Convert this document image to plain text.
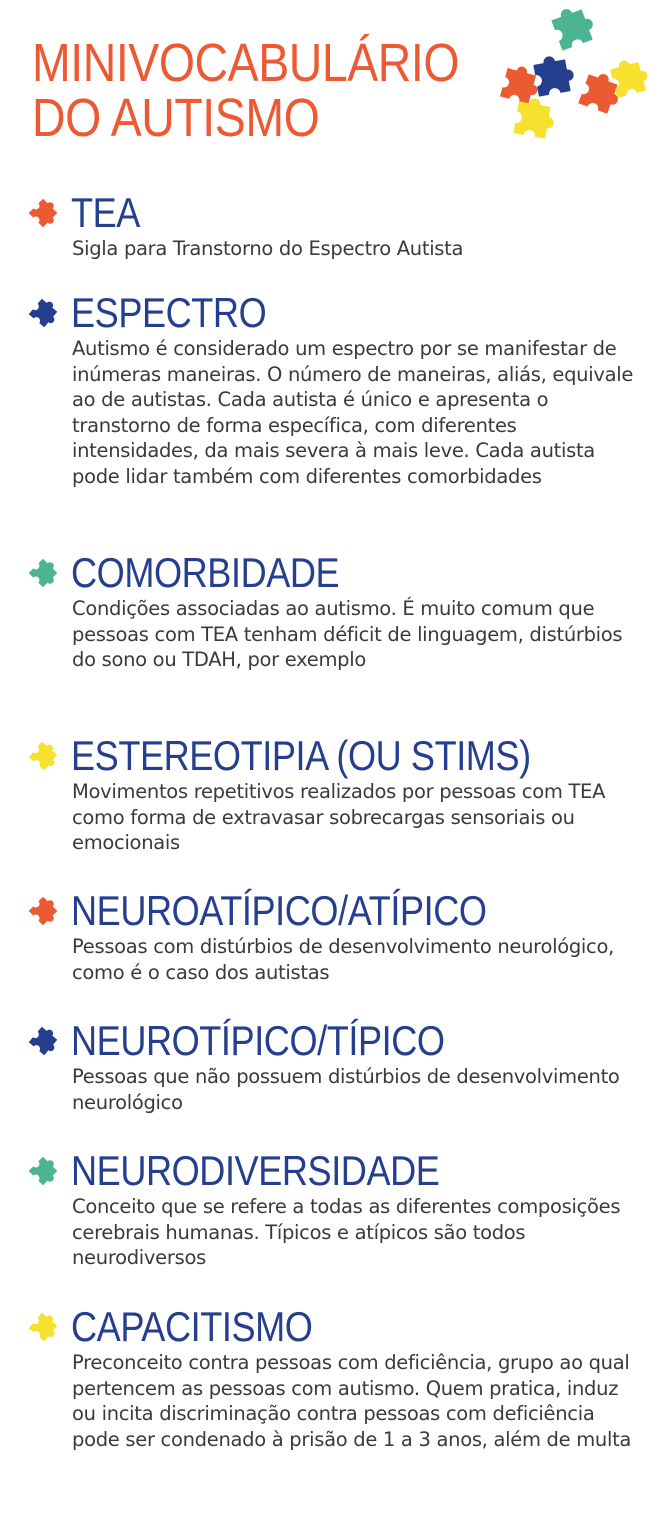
MINIVOCABULÁRIO
DO AUTISMO
TEA

Sigla para Transtorno do Espectro Autista

ESPECTRO

Autismo é considerado um espectro por se manifestar de inúmeras maneiras. O número de maneiras, aliás, equivale ao de autistas. Cada autista é único e apresenta o transtorno de forma específica, com diferentes intensidades, da mais severa à mais leve. Cada autista pode lidar também com diferentes comorbidades

COMORBIDADE

Condições associadas ao autismo. É muito comum que pessoas com TEA tenham déficit de linguagem, distúrbios do sono ou TDAH, por exemplo

ESTEREOTIPIA (OU STIMS)

Movimentos repetitivos realizados por pessoas com TEA como forma de extravasar sobrecargas sensoriais ou emocionais

NEUROATÍPICO/ATÍPICO

Pessoas com distúrbios de desenvolvimento neurológico, como é o caso dos autistas

NEUROTÍPICO/TÍPICO

Pessoas que não possuem distúrbios de desenvolvimento neurológico

NEURODIVERSIDADE

Conceito que se refere a todas as diferentes composições cerebrais humanas. Típicos e atípicos são todos neurodiversos

CAPACITISMO

Preconceito contra pessoas com deficiência, grupo ao qual pertencem as pessoas com autismo. Quem pratica, induz ou incita discriminação contra pessoas com deficiência pode ser condenado à prisão de 1 a 3 anos, além de multa
